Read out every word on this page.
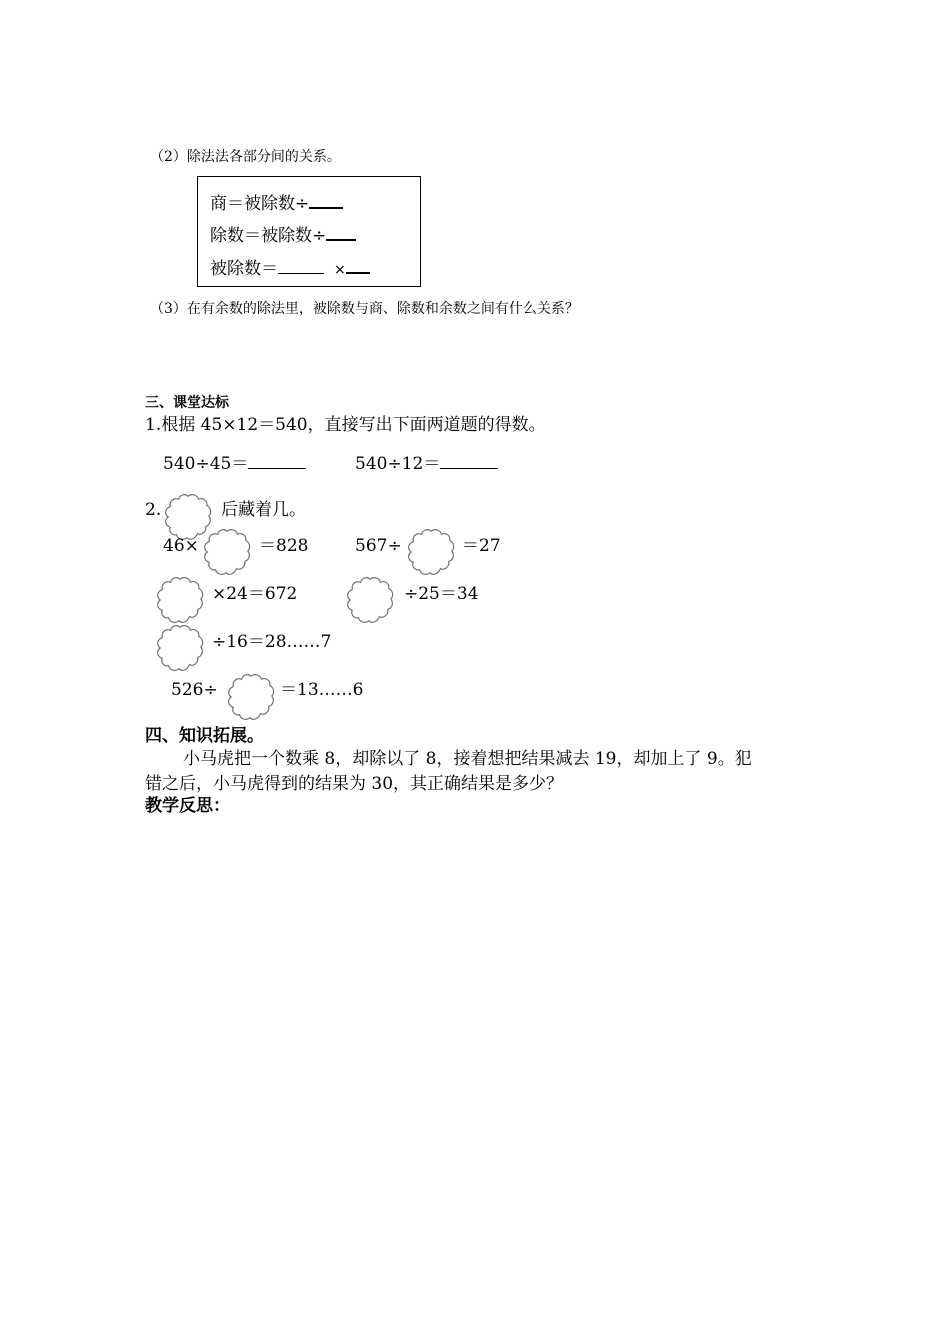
（2）除法法各部分间的关系。
商＝被除数÷
除数＝被除数÷
被除数＝	×
（3）在有余数的除法里，被除数与商、除数和余数之间有什么关系？
三、课堂达标
1.根据 45×12＝540，直接写出下面两道题的得数。
540÷45＝	540÷12＝
2.	后藏着几。
46×	＝828	567÷	＝27
×24＝672	÷25＝34
÷16＝28……7
526÷	＝13……6
四、知识拓展。
小马虎把一个数乘 8，却除以了 8，接着想把结果减去 19，却加上了 9。犯
错之后，小马虎得到的结果为 30，其正确结果是多少？
教学反思：
